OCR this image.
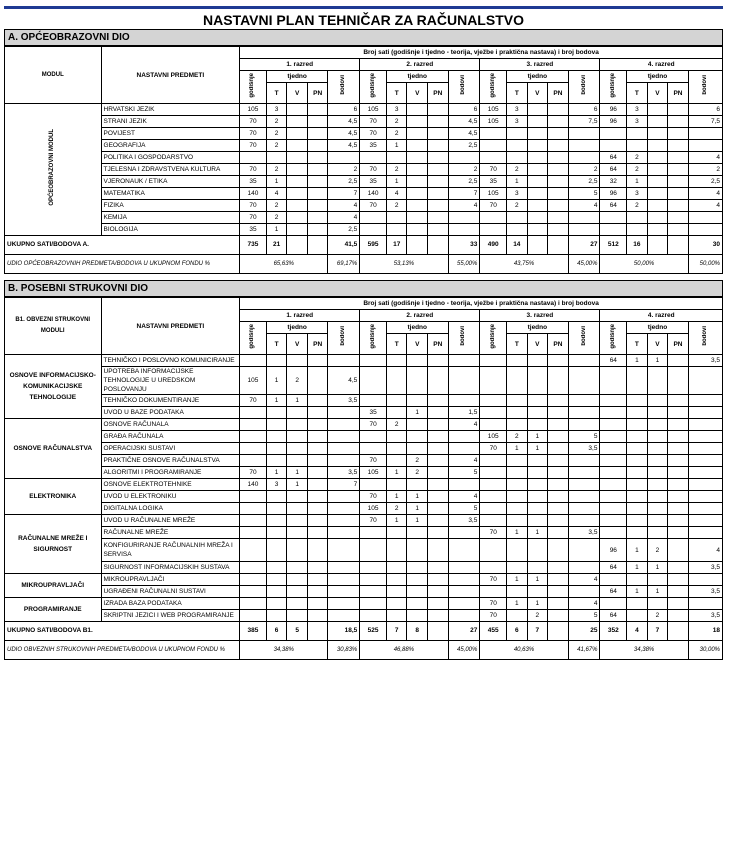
NASTAVNI PLAN TEHNIČAR ZA RAČUNALSTVO
A. OPĆEOBRAZOVNI DIO
MODUL	NASTAVNI PREDMETI	Broj sati (godišnje i tjedno - teorija, vježbe i praktična nastava) i broj bodova																			
		1. razred					2. razred					3. razred					4. razred				
		godišnje	tjedno			bodovi	godišnje	tjedno			bodovi	godišnje	tjedno			bodovi	godišnje	tjedno			bodovi
			T	V	PN			T	V	PN			T	V	PN			T	V	PN	
OPĆEOBRAZOVNI MODUL	HRVATSKI JEZIK	105	3			6	105	3			6	105	3			6	96	3			6
	STRANI JEZIK	70	2			4,5	70	2			4,5	105	3			7,5	96	3			7,5
	POVIJEST	70	2			4,5	70	2			4,5										
	GEOGRAFIJA	70	2			4,5	35	1			2,5										
	POLITIKA I GOSPODARSTVO																64	2			4
	TJELESNA I ZDRAVSTVENA KULTURA	70	2			2	70	2			2	70	2			2	64	2			2
	VJERONAUK / ETIKA	35	1			2,5	35	1			2,5	35	1			2,5	32	1			2,5
	MATEMATIKA	140	4			7	140	4			7	105	3			5	96	3			4
	FIZIKA	70	2			4	70	2			4	70	2			4	64	2			4
	KEMIJA	70	2			4															
	BIOLOGIJA	35	1			2,5															
UKUPNO SATI/BODOVA A.		735	21			41,5	595	17			33	490	14			27	512	16			30
UDIO OPĆEOBRAZOVNIH PREDMETA/BODOVA U UKUPNOM FONDU %		65,63%				69,17%	53,13%				55,00%	43,75%				45,00%	50,00%				50,00%
B. POSEBNI STRUKOVNI DIO
B1. OBVEZNI STRUKOVNI MODULI	NASTAVNI PREDMETI	Broj sati (godišnje i tjedno - teorija, vježbe i praktična nastava) i broj bodova																			
		1. razred					2. razred					3. razred					4. razred				
		godišnje	tjedno			bodovi	godišnje	tjedno			bodovi	godišnje	tjedno			bodovi	godišnje	tjedno			bodovi
			T	V	PN			T	V	PN			T	V	PN			T	V	PN	
OSNOVE INFORMACIJSKO-KOMUNIKACIJSKE TEHNOLOGIJE	TEHNIČKO I POSLOVNO KOMUNICIRANJE																64	1	1		3,5
	UPOTREBA INFORMACIJSKE TEHNOLOGIJE U UREDSKOM POSLOVANJU	105	1	2		4,5															
	TEHNIČKO DOKUMENTIRANJE	70	1	1		3,5															
	UVOD U BAZE PODATAKA						35		1		1,5										
OSNOVE RAČUNALSTVA	OSNOVE RAČUNALA						70	2			4										
	GRAĐA RAČUNALA											105	2	1		5					
	OPERACIJSKI SUSTAVI											70	1	1		3,5					
	PRAKTIČNE OSNOVE RAČUNALSTVA						70		2		4										
	ALGORITMI I PROGRAMIRANJE	70	1	1		3,5	105	1	2		5										
ELEKTRONIKA	OSNOVE ELEKTROTEHNIKE	140	3	1		7															
	UVOD U ELEKTRONIKU						70	1	1		4										
	DIGITALNA LOGIKA						105	2	1		5										
RAČUNALNE MREŽE I SIGURNOST	UVOD U RAČUNALNE MREŽE						70	1	1		3,5										
	RAČUNALNE MREŽE											70	1	1		3,5					
	KONFIGURIRANJE RAČUNALNIH MREŽA I SERVISA																96	1	2		4
	SIGURNOST INFORMACIJSKIH SUSTAVA																64	1	1		3,5
MIKROUPRAVLJAČI	MIKROUPRAVLJAČI											70	1	1		4					
	UGRAĐENI RAČUNALNI SUSTAVI																64	1	1		3,5
PROGRAMIRANJE	IZRADA BAZA PODATAKA											70	1	1		4					
	SKRIPTNI JEZICI I WEB PROGRAMIRANJE											70		2		5	64		2		3,5
UKUPNO SATI/BODOVA B1.		385	6	5		18,5	525	7	8		27	455	6	7		25	352	4	7		18
UDIO OBVEZNIH STRUKOVNIH PREDMETA/BODOVA U UKUPNOM FONDU %		34,38%				30,83%	46,88%				45,00%	40,63%				41,67%	34,38%				30,00%
